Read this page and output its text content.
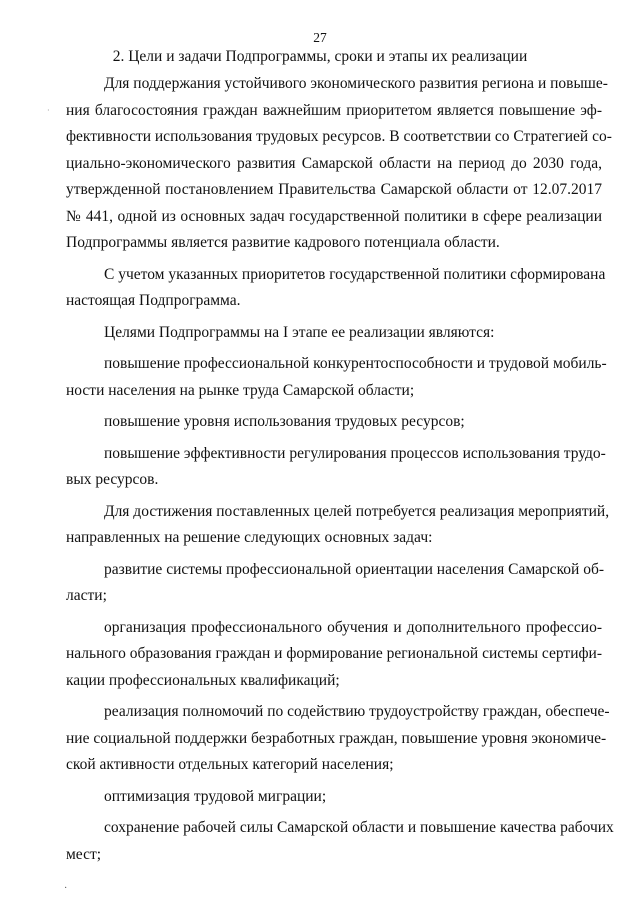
27
2. Цели и задачи Подпрограммы, сроки и этапы их реализации
Для поддержания устойчивого экономического развития региона и повыше-
ния благосостояния граждан важнейшим приоритетом является повышение эф-
фективности использования трудовых ресурсов. В соответствии со Стратегией со-
циально-экономического развития Самарской области на период до 2030 года,
утвержденной постановлением Правительства Самарской области от 12.07.2017
№ 441, одной из основных задач государственной политики в сфере реализации
Подпрограммы является развитие кадрового потенциала области.
С учетом указанных приоритетов государственной политики сформирована
настоящая Подпрограмма.
Целями Подпрограммы на I этапе ее реализации являются:
повышение профессиональной конкурентоспособности и трудовой мобиль-
ности населения на рынке труда Самарской области;
повышение уровня использования трудовых ресурсов;
повышение эффективности регулирования процессов использования трудо-
вых ресурсов.
Для достижения поставленных целей потребуется реализация мероприятий,
направленных на решение следующих основных задач:
развитие системы профессиональной ориентации населения Самарской об-
ласти;
организация профессионального обучения и дополнительного профессио-
нального образования граждан и формирование региональной системы сертифи-
кации профессиональных квалификаций;
реализация полномочий по содействию трудоустройству граждан, обеспече-
ние социальной поддержки безработных граждан, повышение уровня экономиче-
ской активности отдельных категорий населения;
оптимизация трудовой миграции;
сохранение рабочей силы Самарской области и повышение качества рабочих
мест;
·
·
